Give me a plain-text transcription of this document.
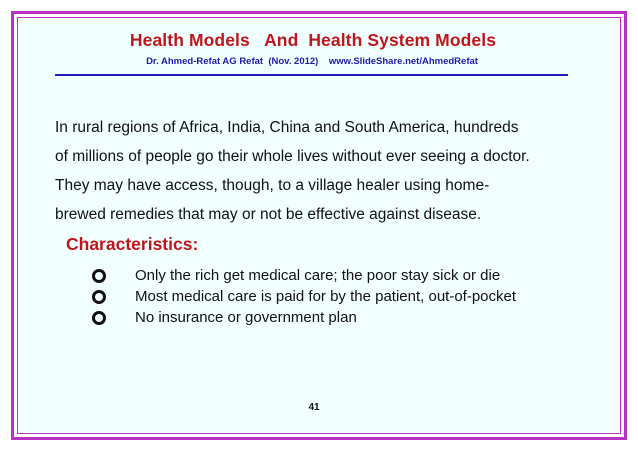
Health Models   And  Health System Models
Dr. Ahmed-Refat AG Refat  (Nov. 2012)    www.SlideShare.net/AhmedRefat
In rural regions of Africa, India, China and South America, hundreds
of millions of people go their whole lives without ever seeing a doctor.
They may have access, though, to a village healer using home-
brewed remedies that may or not be effective against disease.
Characteristics:
Only the rich get medical care; the poor stay sick or die
Most medical care is paid for by the patient, out-of-pocket
No insurance or government plan
41
